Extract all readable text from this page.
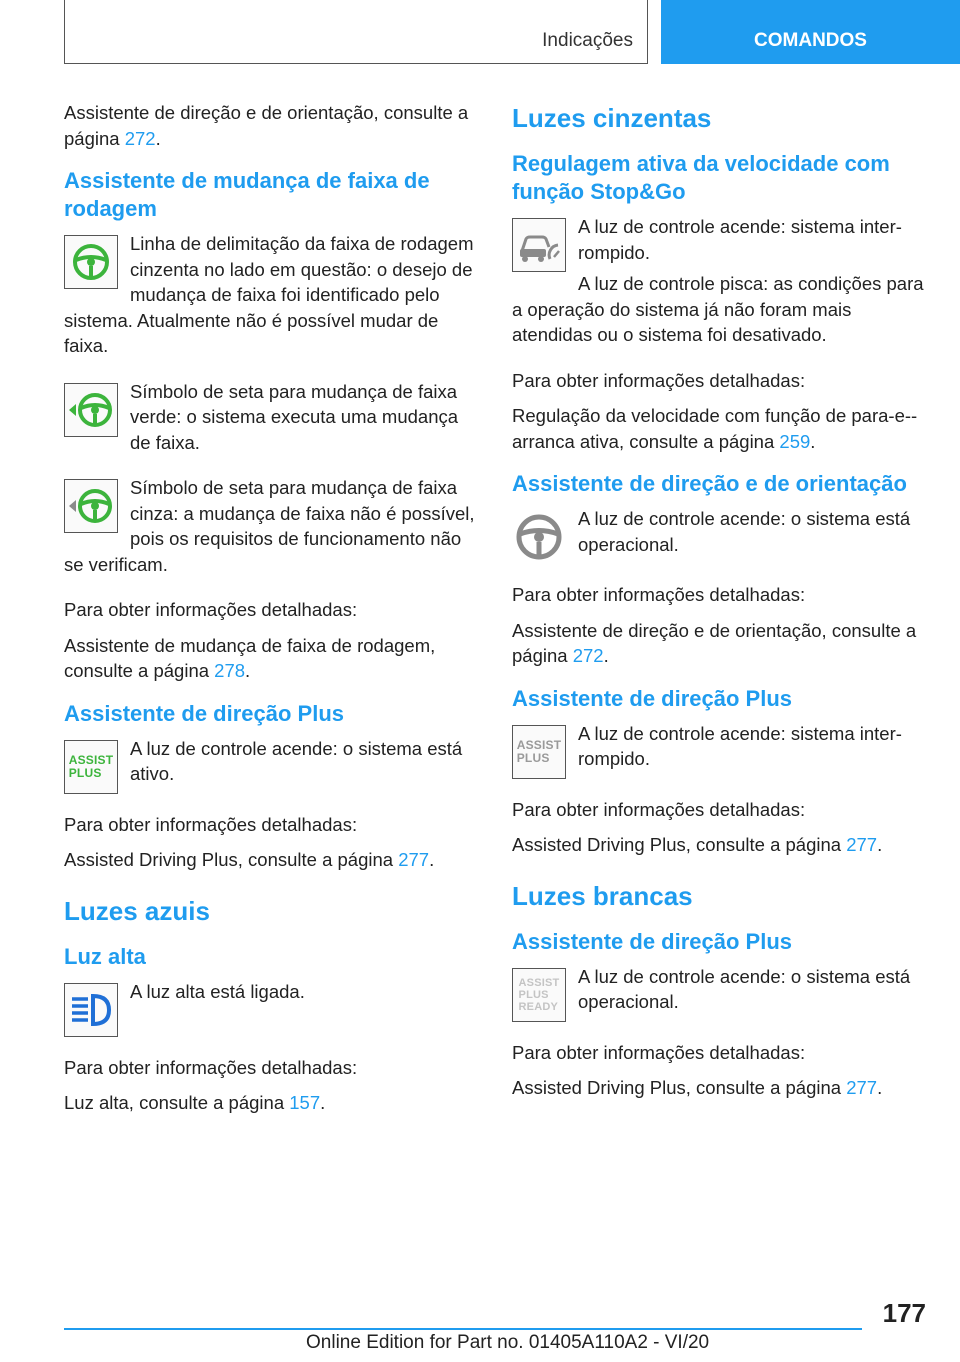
Indicações	COMANDOS

Assistente de direção e de orientação, consulte a página 272.

Assistente de mudança de faixa de rodagem

Linha de delimitação da faixa de rodagem cinzenta no lado em questão: o desejo de mudança de faixa foi identificado pelo sistema. Atualmente não é possível mudar de faixa.

Símbolo de seta para mudança de faixa verde: o sistema executa uma mudança de faixa.

Símbolo de seta para mudança de faixa cinza: a mudança de faixa não é possível, pois os requisitos de funcionamento não se verificam.

Para obter informações detalhadas:

Assistente de mudança de faixa de rodagem, consulte a página 278.

Assistente de direção Plus
ASSIST
PLUS

A luz de controle acende: o sistema está ativo.

Para obter informações detalhadas:

Assisted Driving Plus, consulte a página 277.

Luzes azuis
Luz alta

A luz alta está ligada.

Para obter informações detalhadas:

Luz alta, consulte a página 157.

Luzes cinzentas
Regulagem ativa da velocidade com função Stop&Go

A luz de controle acende: sistema interrompido.

A luz de controle pisca: as condições para a operação do sistema já não foram mais atendidas ou o sistema foi desativado.

Para obter informações detalhadas:

Regulação da velocidade com função de para-e--arranca ativa, consulte a página 259.

Assistente de direção e de orientação

A luz de controle acende: o sistema está operacional.

Para obter informações detalhadas:

Assistente de direção e de orientação, consulte a página 272.

Assistente de direção Plus
ASSIST
PLUS

A luz de controle acende: sistema interrompido.

Para obter informações detalhadas:

Assisted Driving Plus, consulte a página 277.

Luzes brancas
Assistente de direção Plus
ASSIST
PLUS
READY

A luz de controle acende: o sistema está operacional.

Para obter informações detalhadas:

Assisted Driving Plus, consulte a página 277.

177
Online Edition for Part no. 01405A110A2 - VI/20
